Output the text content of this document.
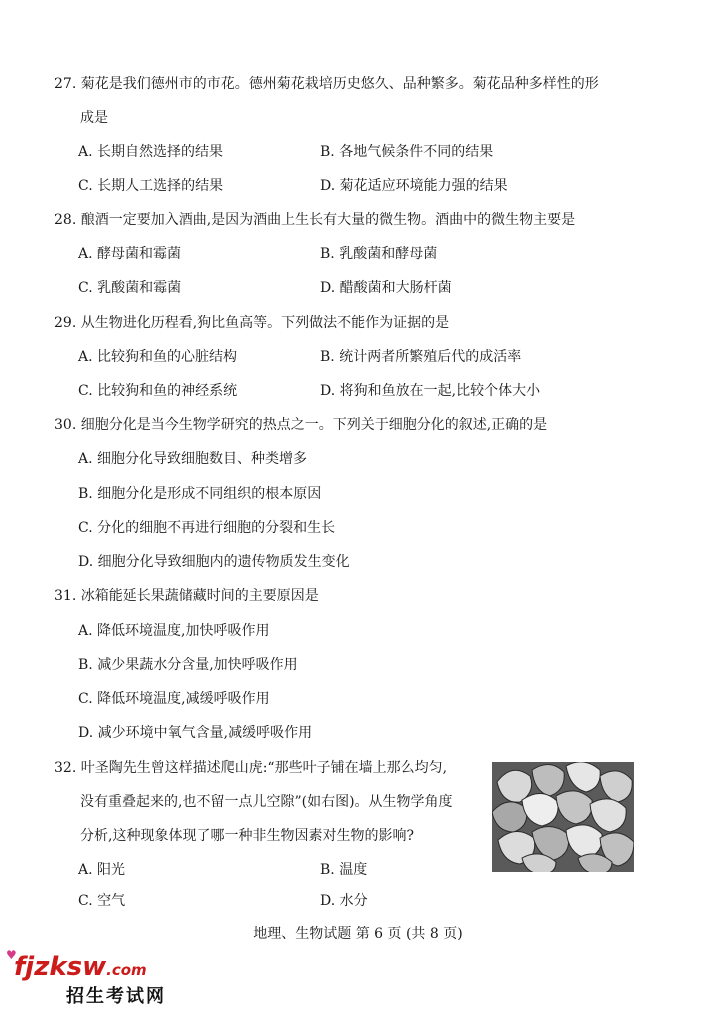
27. 菊花是我们德州市的市花。德州菊花栽培历史悠久、品种繁多。菊花品种多样性的形
成是
A. 长期自然选择的结果	B. 各地气候条件不同的结果
C. 长期人工选择的结果	D. 菊花适应环境能力强的结果
28. 酿酒一定要加入酒曲,是因为酒曲上生长有大量的微生物。酒曲中的微生物主要是
A. 酵母菌和霉菌	B. 乳酸菌和酵母菌
C. 乳酸菌和霉菌	D. 醋酸菌和大肠杆菌
29. 从生物进化历程看,狗比鱼高等。下列做法不能作为证据的是
A. 比较狗和鱼的心脏结构	B. 统计两者所繁殖后代的成活率
C. 比较狗和鱼的神经系统	D. 将狗和鱼放在一起,比较个体大小
30. 细胞分化是当今生物学研究的热点之一。下列关于细胞分化的叙述,正确的是
A. 细胞分化导致细胞数目、种类增多
B. 细胞分化是形成不同组织的根本原因
C. 分化的细胞不再进行细胞的分裂和生长
D. 细胞分化导致细胞内的遗传物质发生变化
31. 冰箱能延长果蔬储藏时间的主要原因是
A. 降低环境温度,加快呼吸作用
B. 减少果蔬水分含量,加快呼吸作用
C. 降低环境温度,减缓呼吸作用
D. 减少环境中氧气含量,减缓呼吸作用
32. 叶圣陶先生曾这样描述爬山虎:“那些叶子铺在墙上那么均匀,
没有重叠起来的,也不留一点儿空隙”(如右图)。从生物学角度
分析,这种现象体现了哪一种非生物因素对生物的影响?
A. 阳光	B. 温度
C. 空气	D. 水分
地理、生物试题 第 6 页 (共 8 页)
♥
fjzksw.com
招生考试网
